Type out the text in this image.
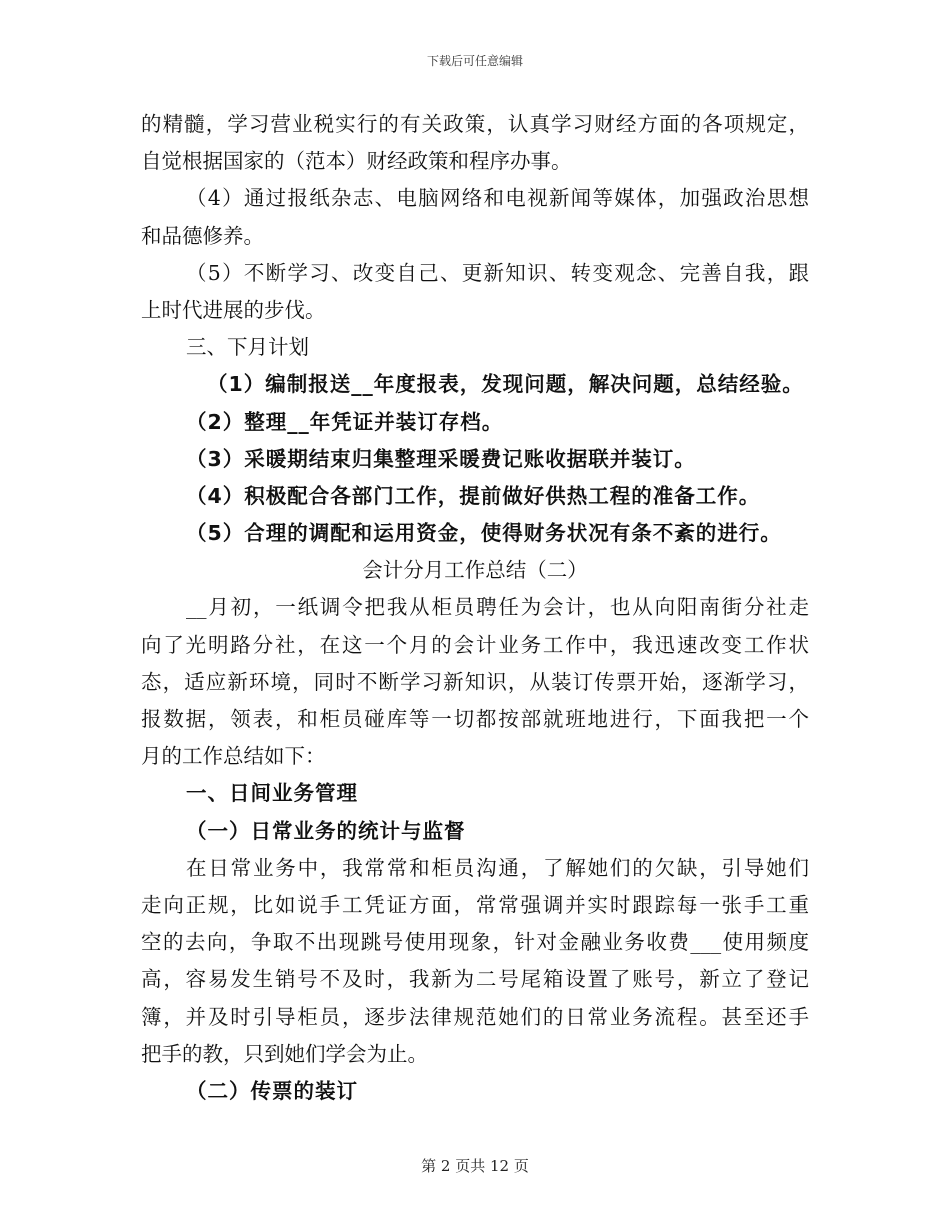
下载后可任意编辑
的精髓，学习营业税实行的有关政策，认真学习财经方面的各项规定，
自觉根据国家的（范本）财经政策和程序办事。
（4）通过报纸杂志、电脑网络和电视新闻等媒体，加强政治思想
和品德修养。
（5）不断学习、改变自己、更新知识、转变观念、完善自我，跟
上时代进展的步伐。
三、下月计划
（1）编制报送__年度报表，发现问题，解决问题，总结经验。
（2）整理__年凭证并装订存档。
（3）采暖期结束归集整理采暖费记账收据联并装订。
（4）积极配合各部门工作，提前做好供热工程的准备工作。
（5）合理的调配和运用资金，使得财务状况有条不紊的进行。
会计分月工作总结（二）
__月初，一纸调令把我从柜员聘任为会计，也从向阳南街分社走
向了光明路分社，在这一个月的会计业务工作中，我迅速改变工作状
态，适应新环境，同时不断学习新知识，从装订传票开始，逐渐学习，
报数据，领表，和柜员碰库等一切都按部就班地进行，下面我把一个
月的工作总结如下：
一、日间业务管理
（一）日常业务的统计与监督
在日常业务中，我常常和柜员沟通，了解她们的欠缺，引导她们
走向正规，比如说手工凭证方面，常常强调并实时跟踪每一张手工重
空的去向，争取不出现跳号使用现象，针对金融业务收费___使用频度
高，容易发生销号不及时，我新为二号尾箱设置了账号，新立了登记
簿，并及时引导柜员，逐步法律规范她们的日常业务流程。甚至还手
把手的教，只到她们学会为止。
（二）传票的装订
第 2 页共 12 页
